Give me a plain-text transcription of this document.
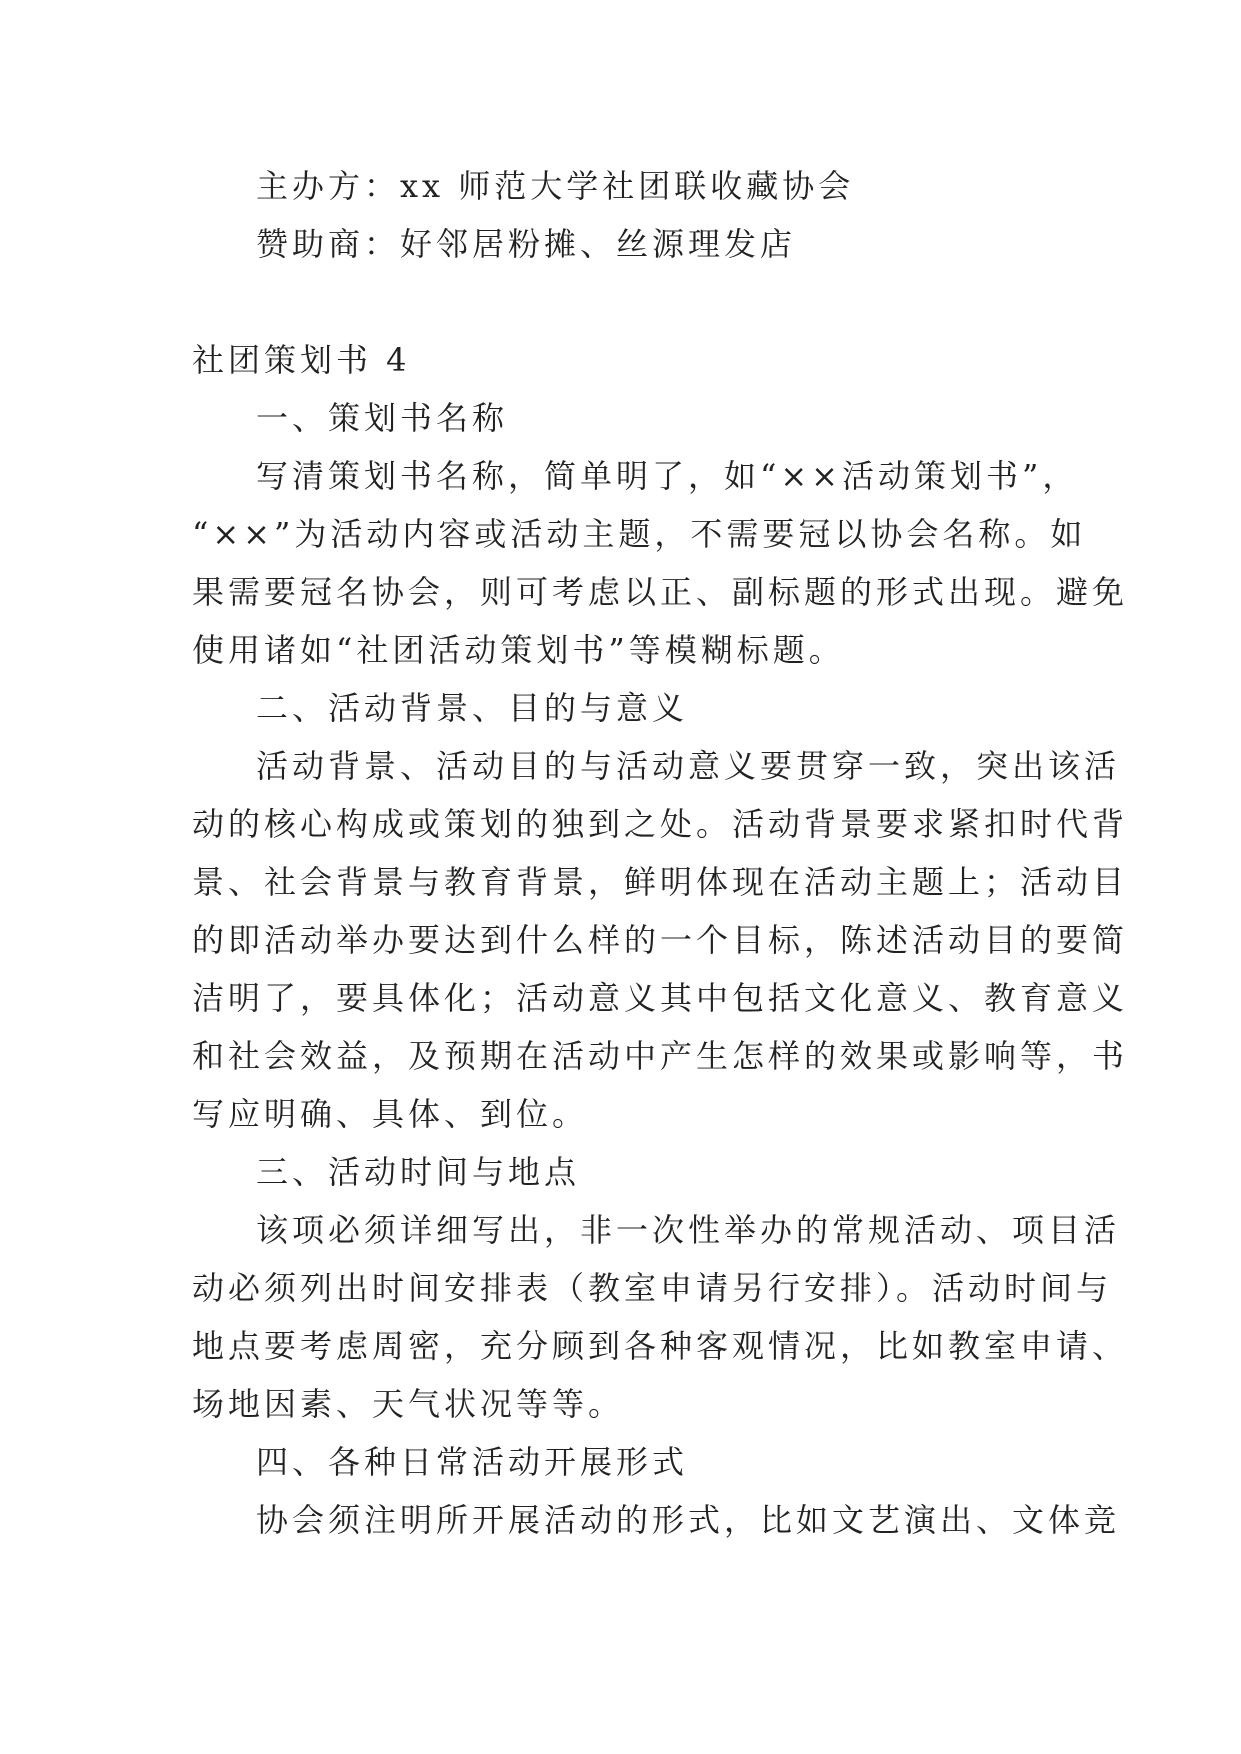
主办方：xx 师范大学社团联收藏协会
赞助商：好邻居粉摊、丝源理发店
社团策划书 4
一、策划书名称
写清策划书名称，简单明了，如“××活动策划书”，
“××”为活动内容或活动主题，不需要冠以协会名称。如
果需要冠名协会，则可考虑以正、副标题的形式出现。避免
使用诸如“社团活动策划书”等模糊标题。
二、活动背景、目的与意义
活动背景、活动目的与活动意义要贯穿一致，突出该活
动的核心构成或策划的独到之处。活动背景要求紧扣时代背
景、社会背景与教育背景，鲜明体现在活动主题上；活动目
的即活动举办要达到什么样的一个目标，陈述活动目的要简
洁明了，要具体化；活动意义其中包括文化意义、教育意义
和社会效益，及预期在活动中产生怎样的效果或影响等，书
写应明确、具体、到位。
三、活动时间与地点
该项必须详细写出，非一次性举办的常规活动、项目活
动必须列出时间安排表（教室申请另行安排）。活动时间与
地点要考虑周密，充分顾到各种客观情况，比如教室申请、
场地因素、天气状况等等。
四、各种日常活动开展形式
协会须注明所开展活动的形式，比如文艺演出、文体竞
